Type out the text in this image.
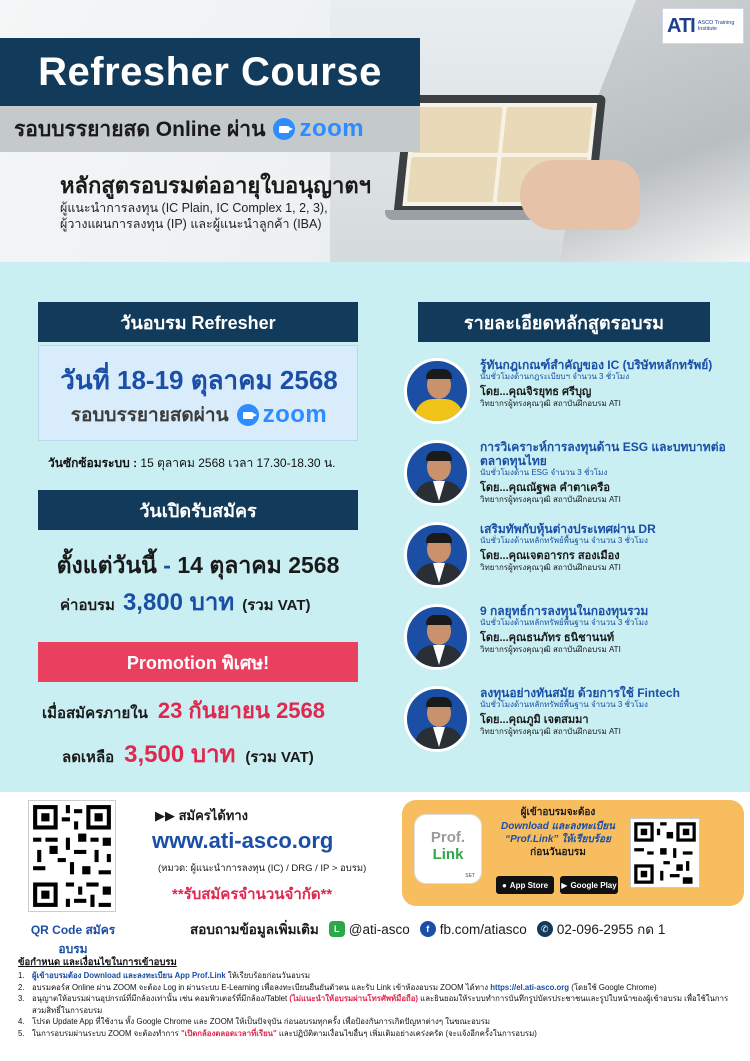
ATI ASCO Training Institute
Refresher Course
รอบบรรยายสด Online ผ่าน zoom
หลักสูตรอบรมต่ออายุใบอนุญาตฯ
ผู้แนะนำการลงทุน (IC Plain, IC Complex 1, 2, 3),
ผู้วางแผนการลงทุน (IP) และผู้แนะนำลูกค้า (IBA)
วันอบรม Refresher
วันที่ 18-19 ตุลาคม 2568
รอบบรรยายสดผ่าน zoom
วันซักซ้อมระบบ : 15 ตุลาคม 2568 เวลา 17.30-18.30 น.
วันเปิดรับสมัคร
ตั้งแต่วันนี้ - 14 ตุลาคม 2568
ค่าอบรม 3,800 บาท (รวม VAT)
Promotion พิเศษ!
เมื่อสมัครภายใน 23 กันยายน 2568
ลดเหลือ 3,500 บาท (รวม VAT)
รายละเอียดหลักสูตรอบรม
รู้ทันกฎเกณฑ์สำคัญของ IC (บริษัทหลักทรัพย์)
นับชั่วโมงด้านกฎระเบียบฯ จำนวน 3 ชั่วโมง
โดย...คุณจิรยุทธ ศรีบุญ
วิทยากรผู้ทรงคุณวุฒิ สถาบันฝึกอบรม ATI
การวิเคราะห์การลงทุนด้าน ESG และบทบาทต่อตลาดทุนไทย
นับชั่วโมงด้าน ESG จำนวน 3 ชั่วโมง
โดย...คุณณัฐพล คำตาเครือ
วิทยากรผู้ทรงคุณวุฒิ สถาบันฝึกอบรม ATI
เสริมทัพกับหุ้นต่างประเทศผ่าน DR
นับชั่วโมงด้านหลักทรัพย์พื้นฐาน จำนวน 3 ชั่วโมง
โดย...คุณเจตอารกร สองเมือง
วิทยากรผู้ทรงคุณวุฒิ สถาบันฝึกอบรม ATI
9 กลยุทธ์การลงทุนในกองทุนรวม
นับชั่วโมงด้านหลักทรัพย์พื้นฐาน จำนวน 3 ชั่วโมง
โดย...คุณธนภัทร ธนิชานนท์
วิทยากรผู้ทรงคุณวุฒิ สถาบันฝึกอบรม ATI
ลงทุนอย่างทันสมัย ด้วยการใช้ Fintech
นับชั่วโมงด้านหลักทรัพย์พื้นฐาน จำนวน 3 ชั่วโมง
โดย...คุณภูมิ เจตสมมา
วิทยากรผู้ทรงคุณวุฒิ สถาบันฝึกอบรม ATI
QR Code สมัครอบรม
▶▶ สมัครได้ทาง
www.ati-asco.org
(หมวด: ผู้แนะนำการลงทุน (IC) / DRG / IP > อบรม)
**รับสมัครจำนวนจำกัด**
Prof.
Link
SET
ผู้เข้าอบรมจะต้อง
Download และลงทะเบียน
“Prof.Link” ให้เรียบร้อย
ก่อนวันอบรม
● App Store ▶ Google Play
สอบถามข้อมูลเพิ่มเติม	L @ati-asco	f fb.com/atiasco	✆ 02-096-2955 กด 1
ข้อกำหนด และเงื่อนไขในการเข้าอบรม
1. ผู้เข้าอบรมต้อง Download และลงทะเบียน App Prof.Link ให้เรียบร้อยก่อนวันอบรม
2. อบรมคอร์ส Online ผ่าน ZOOM จะต้อง Log in ผ่านระบบ E-Learning เพื่อลงทะเบียนยืนยันตัวตน และรับ Link เข้าห้องอบรม ZOOM ได้ทาง https://el.ati-asco.org (โดยใช้ Google Chrome)
3. อนุญาตให้อบรมผ่านอุปกรณ์ที่มีกล้องเท่านั้น เช่น คอมพิวเตอร์ที่มีกล้อง/Tablet (ไม่แนะนำให้อบรมผ่านโทรศัพท์มือถือ) และยินยอมให้ระบบทำการบันทึกรูปบัตรประชาชนและรูปใบหน้าของผู้เข้าอบรม เพื่อใช้ในการสวมสิทธิ์ในการอบรม
4. โปรด Update App ที่ใช้งาน ทั้ง Google Chrome และ ZOOM ให้เป็นปัจจุบัน ก่อนอบรมทุกครั้ง เพื่อป้องกันการเกิดปัญหาต่างๆ ในขณะอบรม
5. ในการอบรมผ่านระบบ ZOOM จะต้องทำการ "เปิดกล้องตลอดเวลาที่เรียน" และปฏิบัติตามเงื่อนไขอื่นๆ เพิ่มเติมอย่างเคร่งครัด (จะแจ้งอีกครั้งในการอบรม)
